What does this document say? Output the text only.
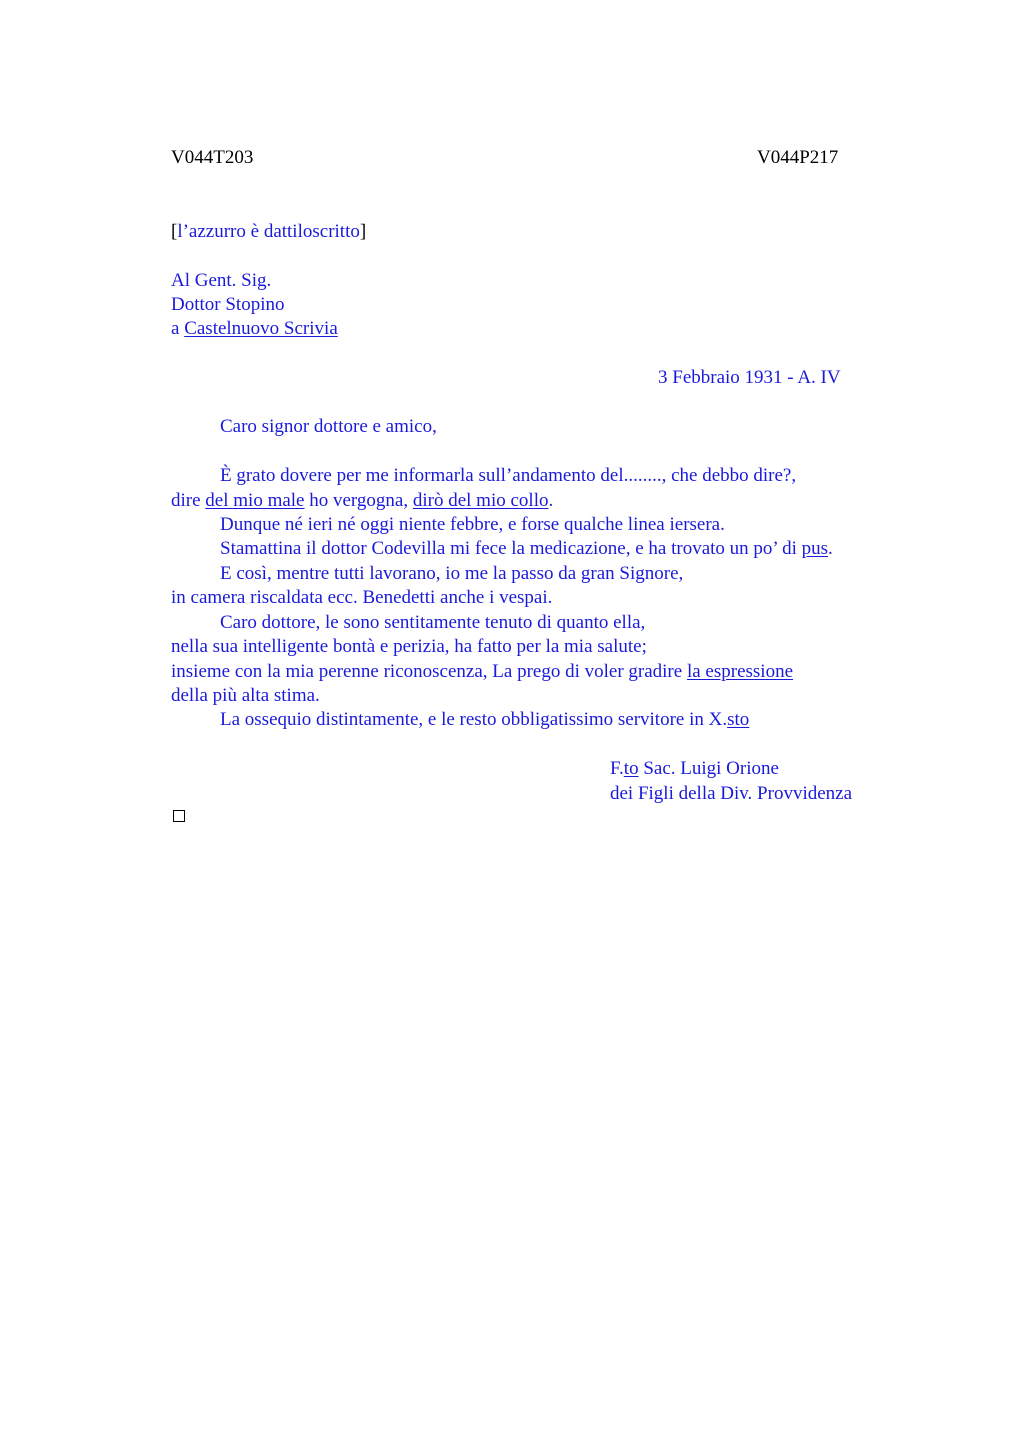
V044T203	V044P217
[l’azzurro è dattiloscritto]
Al Gent. Sig.
Dottor Stopino
a Castelnuovo Scrivia
3 Febbraio 1931 - A. IV
Caro signor dottore e amico,
È grato dovere per me informarla sull’andamento del........, che debbo dire?,
dire del mio male ho vergogna, dirò del mio collo.
Dunque né ieri né oggi niente febbre, e forse qualche linea iersera.
Stamattina il dottor Codevilla mi fece la medicazione, e ha trovato un po’ di pus.
E così, mentre tutti lavorano, io me la passo da gran Signore,
in camera riscaldata ecc. Benedetti anche i vespai.
Caro dottore, le sono sentitamente tenuto di quanto ella,
nella sua intelligente bontà e perizia, ha fatto per la mia salute;
insieme con la mia perenne riconoscenza, La prego di voler gradire la espressione
della più alta stima.
La ossequio distintamente, e le resto obbligatissimo servitore in X.sto
F.to Sac. Luigi Orione
dei Figli della Div. Provvidenza
